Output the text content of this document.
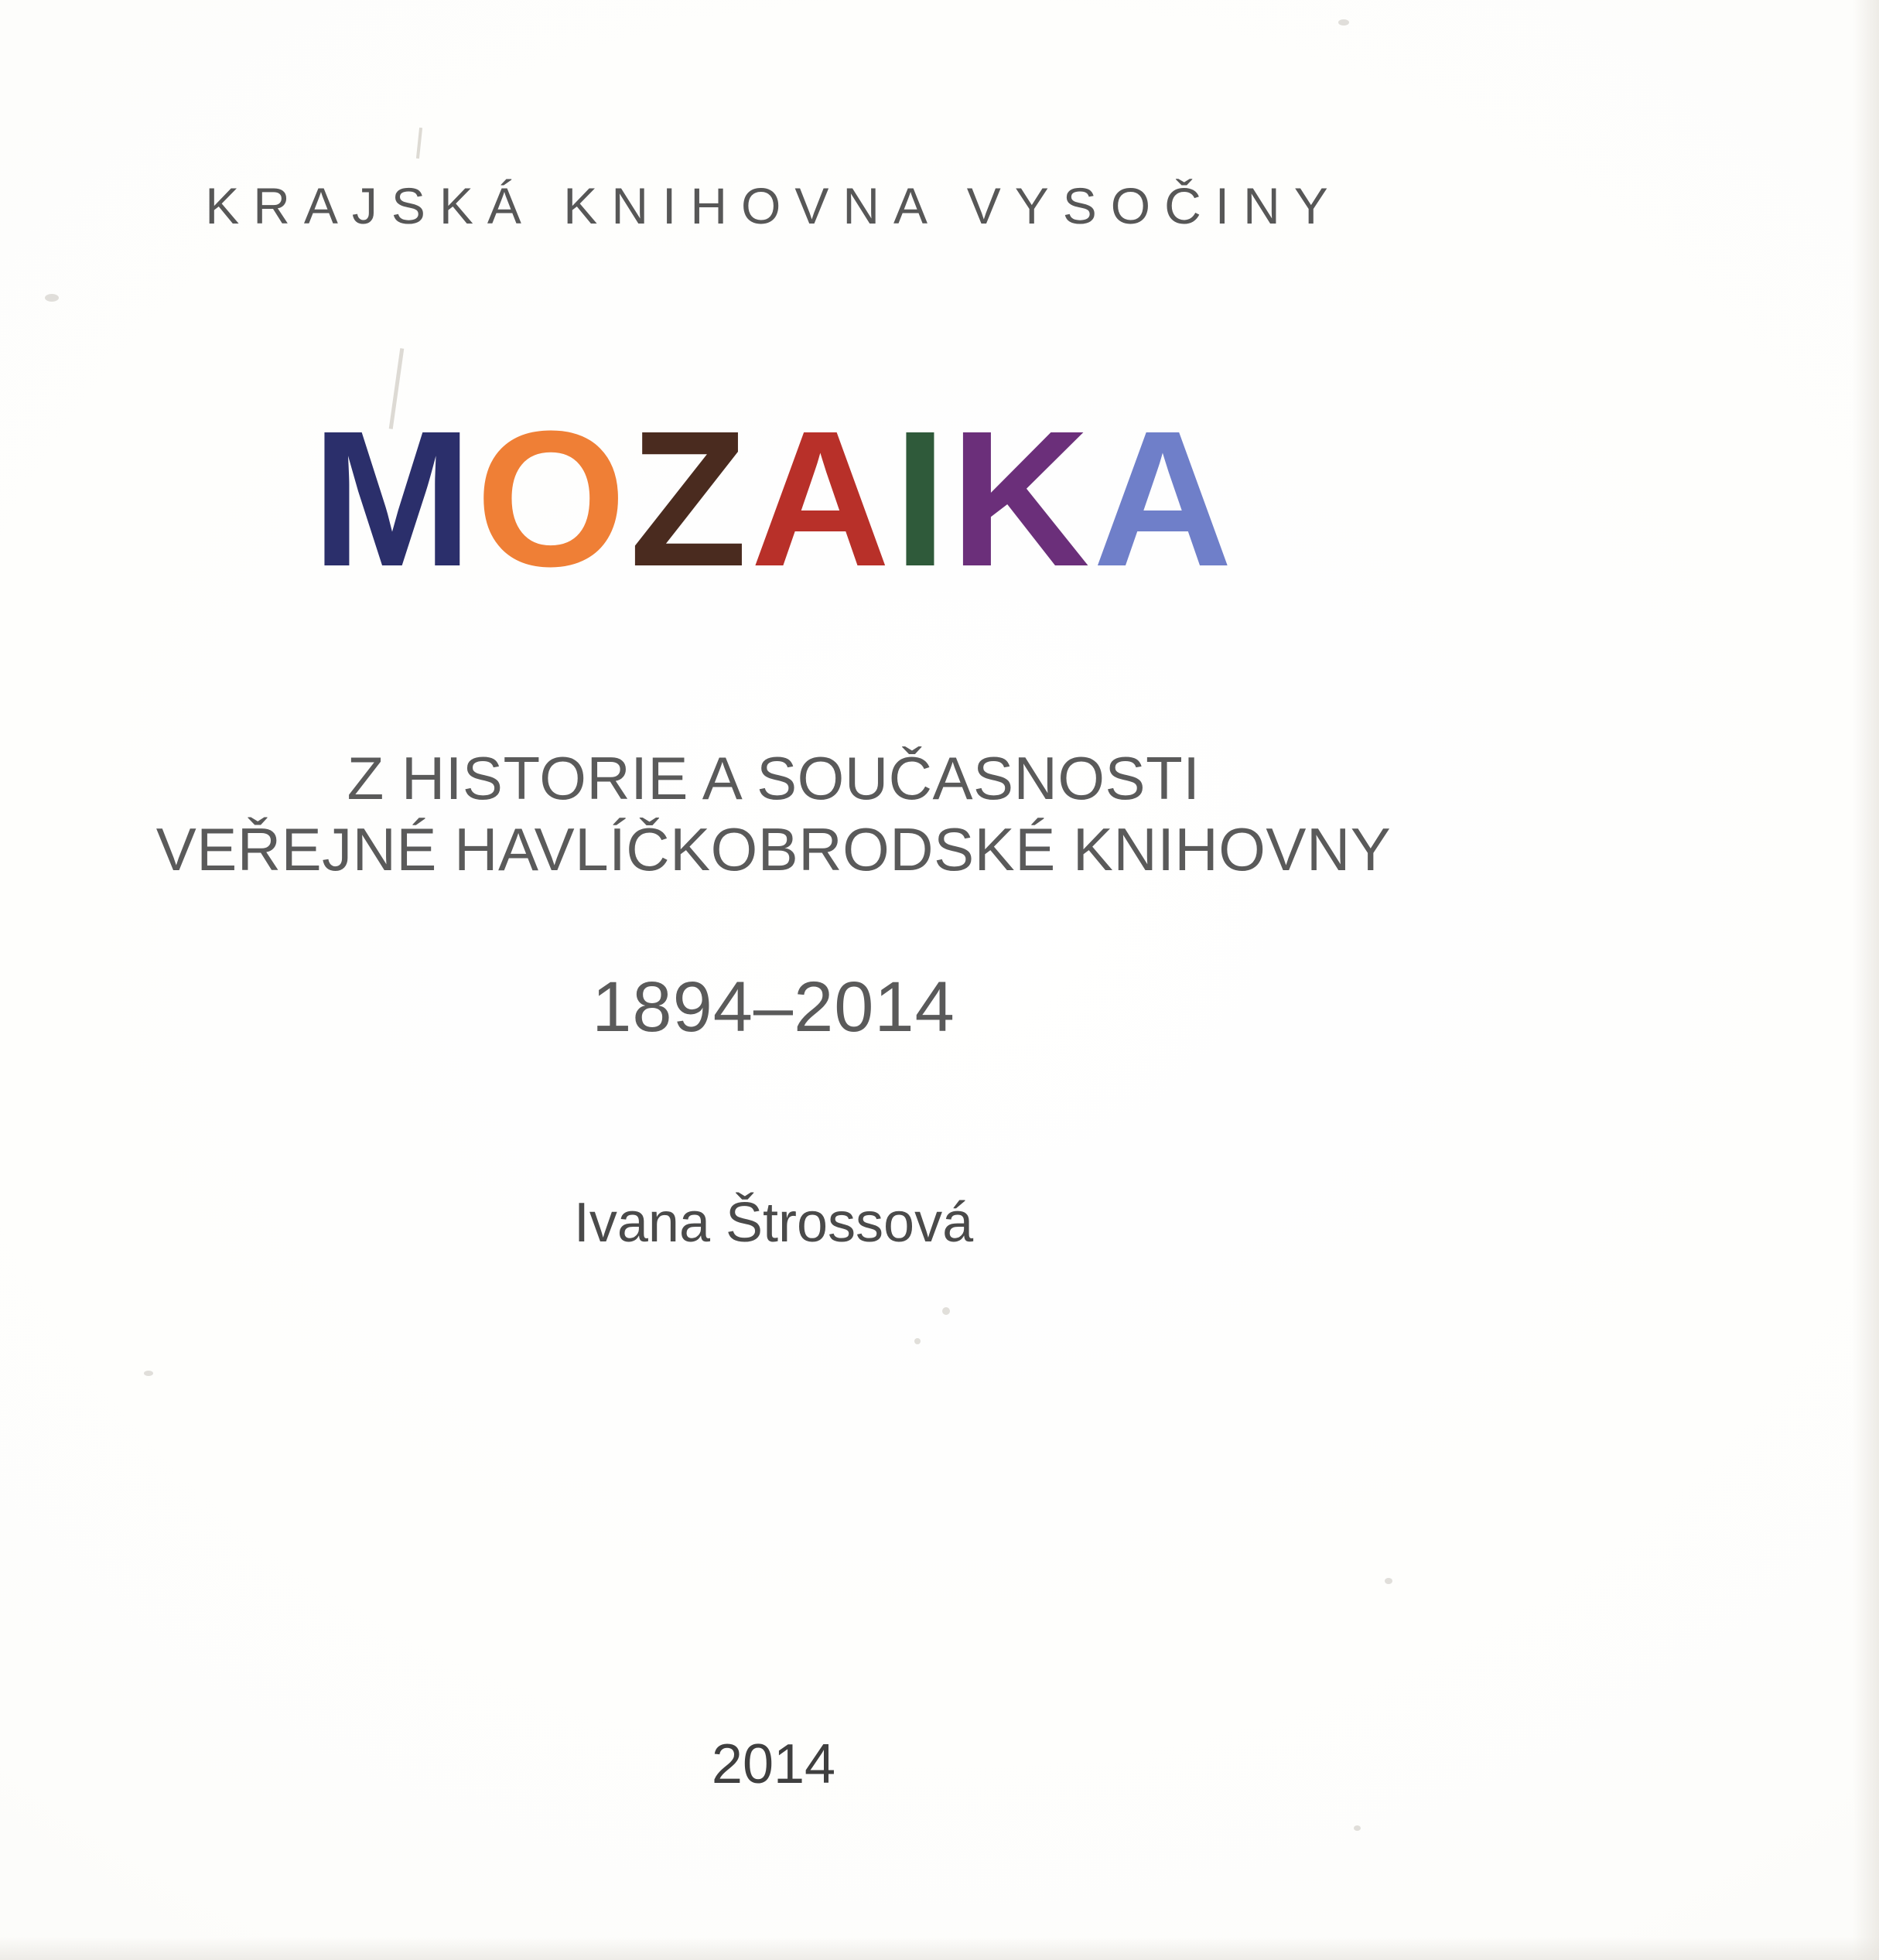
KRAJSKÁ KNIHOVNA VYSOČINY
MOZAIKA
Z HISTORIE A SOUČASNOSTI
VEŘEJNÉ HAVLÍČKOBRODSKÉ KNIHOVNY
1894–2014
Ivana Štrossová
2014
